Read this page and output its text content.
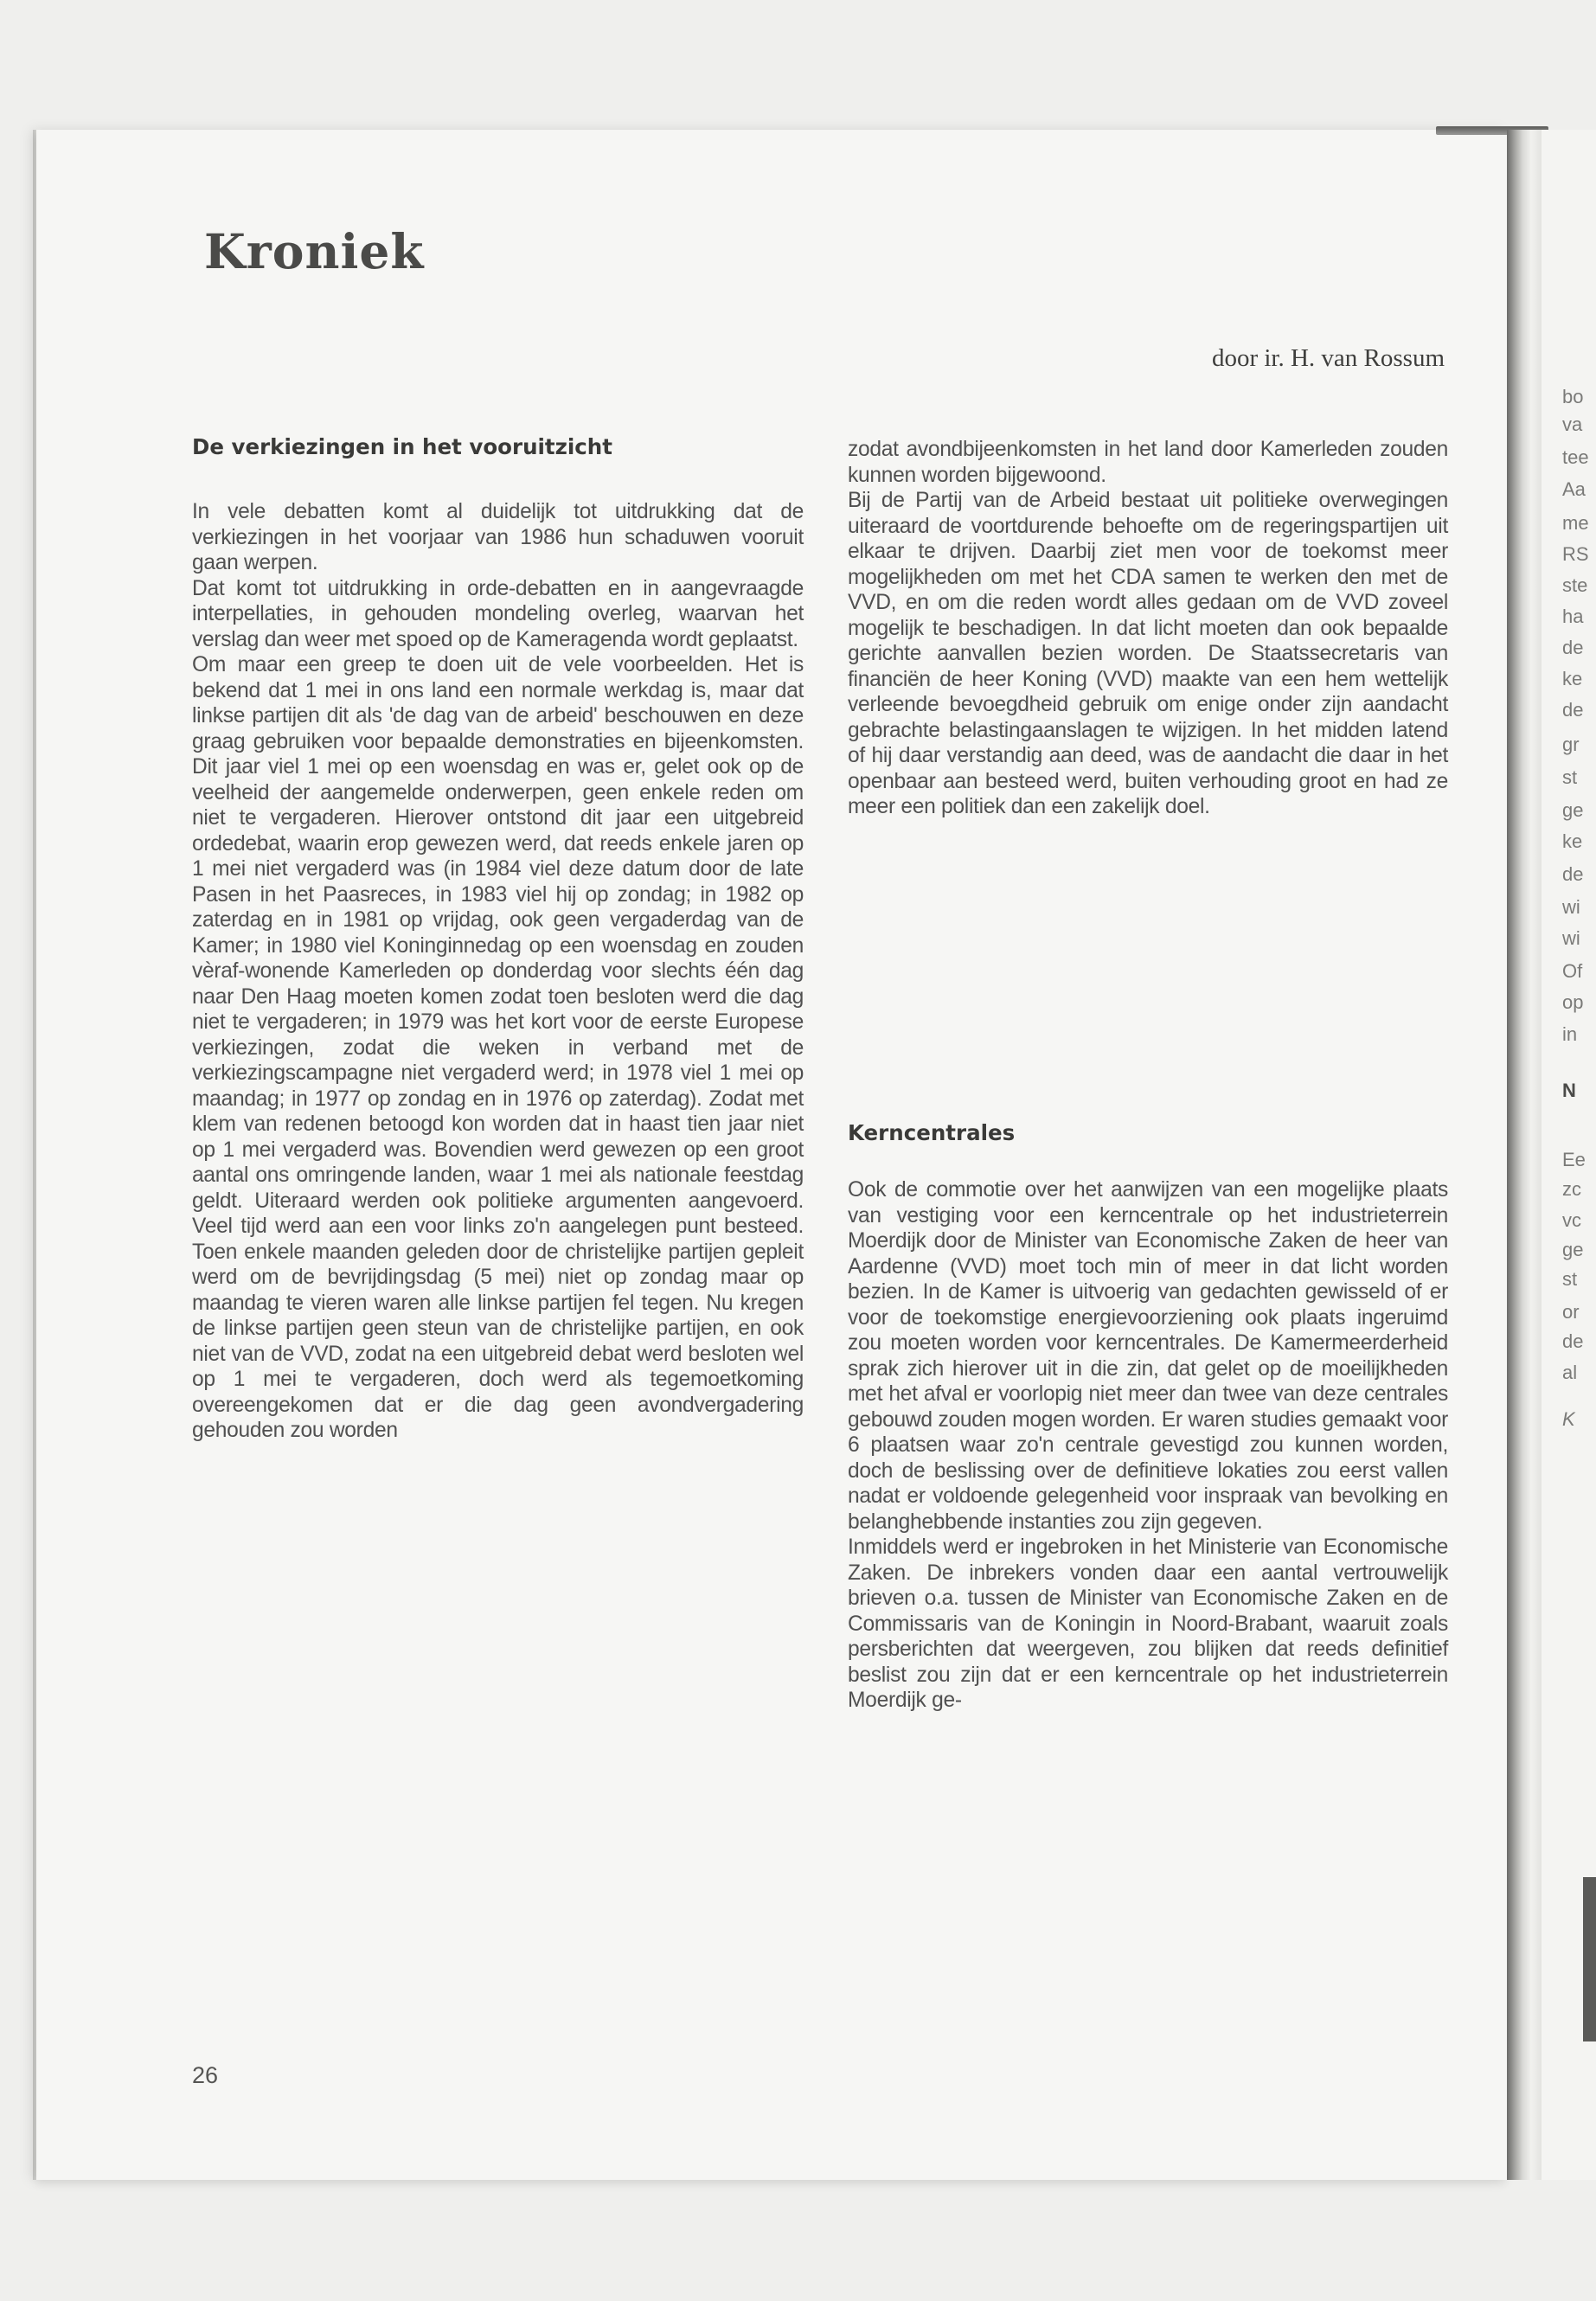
bo
va
tee
Aa
me
RS
ste
ha
de
ke
de
gr
st
ge
ke
de
wi
wi
Of
op
in
N
Ee
zc
vc
ge
st
or
de
al
K
Kroniek
door ir. H. van Rossum
De verkiezingen in het vooruitzicht

In vele debatten komt al duidelijk tot uitdrukking dat de verkiezingen in het voorjaar van 1986 hun schaduwen vooruit gaan werpen.

Dat komt tot uitdrukking in orde-debatten en in aangevraagde interpellaties, in gehouden mondeling overleg, waarvan het verslag dan weer met spoed op de Kameragenda wordt geplaatst.

Om maar een greep te doen uit de vele voorbeelden. Het is bekend dat 1 mei in ons land een normale werkdag is, maar dat linkse partijen dit als 'de dag van de arbeid' beschouwen en deze graag gebruiken voor bepaalde demonstraties en bijeenkomsten. Dit jaar viel 1 mei op een woensdag en was er, gelet ook op de veelheid der aangemelde onderwerpen, geen enkele reden om niet te vergaderen. Hierover ontstond dit jaar een uitgebreid ordedebat, waarin erop gewezen werd, dat reeds enkele jaren op 1 mei niet vergaderd was (in 1984 viel deze datum door de late Pasen in het Paasreces, in 1983 viel hij op zondag; in 1982 op zaterdag en in 1981 op vrijdag, ook geen vergaderdag van de Kamer; in 1980 viel Koninginnedag op een woensdag en zouden vèraf-wonende Kamerleden op donderdag voor slechts één dag naar Den Haag moeten komen zodat toen besloten werd die dag niet te vergaderen; in 1979 was het kort voor de eerste Europese verkiezingen, zodat die weken in verband met de verkiezingscampagne niet vergaderd werd; in 1978 viel 1 mei op maandag; in 1977 op zondag en in 1976 op zaterdag). Zodat met klem van redenen betoogd kon worden dat in haast tien jaar niet op 1 mei vergaderd was. Bovendien werd gewezen op een groot aantal ons omringende landen, waar 1 mei als nationale feestdag geldt. Uiteraard werden ook politieke argumenten aangevoerd. Veel tijd werd aan een voor links zo'n aangelegen punt besteed. Toen enkele maanden geleden door de christelijke partijen gepleit werd om de bevrijdingsdag (5 mei) niet op zondag maar op maandag te vieren waren alle linkse partijen fel tegen. Nu kregen de linkse partijen geen steun van de christelijke partijen, en ook niet van de VVD, zodat na een uitgebreid debat werd besloten wel op 1 mei te vergaderen, doch werd als tegemoetkoming overeengekomen dat er die dag geen avondvergadering gehouden zou worden

zodat avondbijeenkomsten in het land door Kamerleden zouden kunnen worden bijgewoond.

Bij de Partij van de Arbeid bestaat uit politieke overwegingen uiteraard de voortdurende behoefte om de regeringspartijen uit elkaar te drijven. Daarbij ziet men voor de toekomst meer mogelijkheden om met het CDA samen te werken den met de VVD, en om die reden wordt alles gedaan om de VVD zoveel mogelijk te beschadigen. In dat licht moeten dan ook bepaalde gerichte aanvallen bezien worden. De Staatssecretaris van financiën de heer Koning (VVD) maakte van een hem wettelijk verleende bevoegdheid gebruik om enige onder zijn aandacht gebrachte belastingaanslagen te wijzigen. In het midden latend of hij daar verstandig aan deed, was de aandacht die daar in het openbaar aan besteed werd, buiten verhouding groot en had ze meer een politiek dan een zakelijk doel.

Kerncentrales

Ook de commotie over het aanwijzen van een mogelijke plaats van vestiging voor een kerncentrale op het industrieterrein Moerdijk door de Minister van Economische Zaken de heer van Aardenne (VVD) moet toch min of meer in dat licht worden bezien. In de Kamer is uitvoerig van gedachten gewisseld of er voor de toekomstige energievoorziening ook plaats ingeruimd zou moeten worden voor kerncentrales. De Kamermeerderheid sprak zich hierover uit in die zin, dat gelet op de moeilijkheden met het afval er voorlopig niet meer dan twee van deze centrales gebouwd zouden mogen worden. Er waren studies gemaakt voor 6 plaatsen waar zo'n centrale gevestigd zou kunnen worden, doch de beslissing over de definitieve lokaties zou eerst vallen nadat er voldoende gelegenheid voor inspraak van bevolking en belanghebbende instanties zou zijn gegeven.

Inmiddels werd er ingebroken in het Ministerie van Economische Zaken. De inbrekers vonden daar een aantal vertrouwelijk brieven o.a. tussen de Minister van Economische Zaken en de Commissaris van de Koningin in Noord-Brabant, waaruit zoals persberichten dat weergeven, zou blijken dat reeds definitief beslist zou zijn dat er een kerncentrale op het industrieterrein Moerdijk ge-

26
